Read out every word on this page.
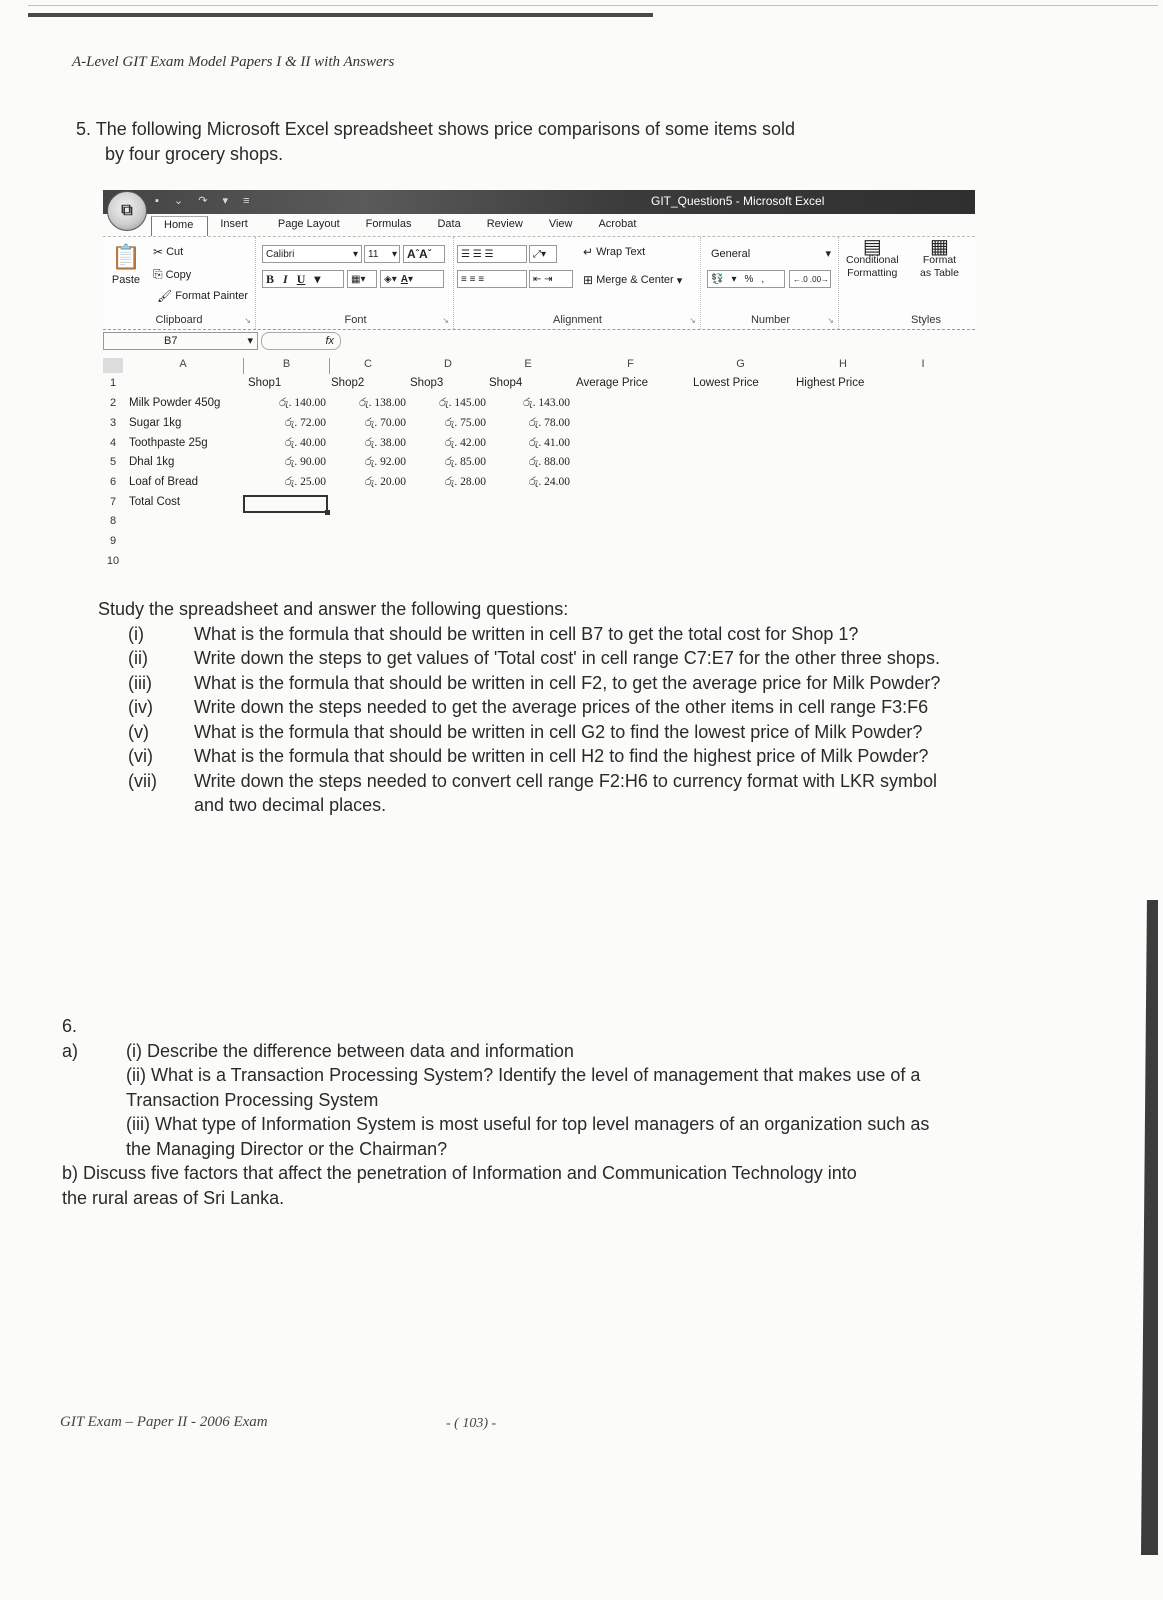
A-Level GIT Exam Model Papers I & II with Answers
5. The following Microsoft Excel spreadsheet shows price comparisons of some items sold
by four grocery shops.
▪ ⌄ ↷ ▾ ≡	GIT_Question5 - Microsoft Excel
⧉
Home	Insert	Page Layout	Formulas	Data	Review	View	Acrobat
📋
Paste
✂ Cut
⎘ Copy
🖌 Format Painter
Clipboard	↘
Calibri	▾	11 ▾ A ˆ A ˇ
B I U ▾	▦ ▾	◈ ▾ A ▾
Font	↘
☰ ☰ ☰	⤢ ▾
≡ ≡ ≡	⇤ ⇥
↵ Wrap Text
⊞ Merge & Center ▾
Alignment	↘
General	▾
💱 ▾ % ,	←.0 .00→
Number	↘
▤
Conditional
Formatting
▦
Format
as Table
Styles
B7	▾	fx
A	B	C	D	E	F	G	H	I
1
2
3
4
5
6
7
8
9
10
Shop1	Shop2	Shop3	Shop4	Average Price	Lowest Price	Highest Price
Milk Powder 450g
Sugar 1kg
Toothpaste 25g
Dhal 1kg
Loaf of Bread
Total Cost
රු. 140.00	රු. 138.00	රු. 145.00	රු. 143.00
රු. 72.00	රු. 70.00	රු. 75.00	රු. 78.00
රු. 40.00	රු. 38.00	රු. 42.00	රු. 41.00
රු. 90.00	රු. 92.00	රු. 85.00	රු. 88.00
රු. 25.00	රු. 20.00	රු. 28.00	රු. 24.00
Study the spreadsheet and answer the following questions:
(i)	What is the formula that should be written in cell B7 to get the total cost for Shop 1?
(ii)	Write down the steps to get values of 'Total cost' in cell range C7:E7 for the other three shops.
(iii)	What is the formula that should be written in cell F2, to get the average price for Milk Powder?
(iv)	Write down the steps needed to get the average prices of the other items in cell range F3:F6
(v)	What is the formula that should be written in cell G2 to find the lowest price of Milk Powder?
(vi)	What is the formula that should be written in cell H2 to find the highest price of Milk Powder?
(vii)	Write down the steps needed to convert cell range F2:H6 to currency format with LKR symbol and two decimal places.
6.
a)	(i) Describe the difference between data and information
(ii) What is a Transaction Processing System? Identify the level of management that makes use of a Transaction Processing System
(iii) What type of Information System is most useful for top level managers of an organization such as the Managing Director or the Chairman?
b) Discuss five factors that affect the penetration of Information and Communication Technology into the rural areas of Sri Lanka.
GIT Exam – Paper II - 2006 Exam	- ( 103) -
